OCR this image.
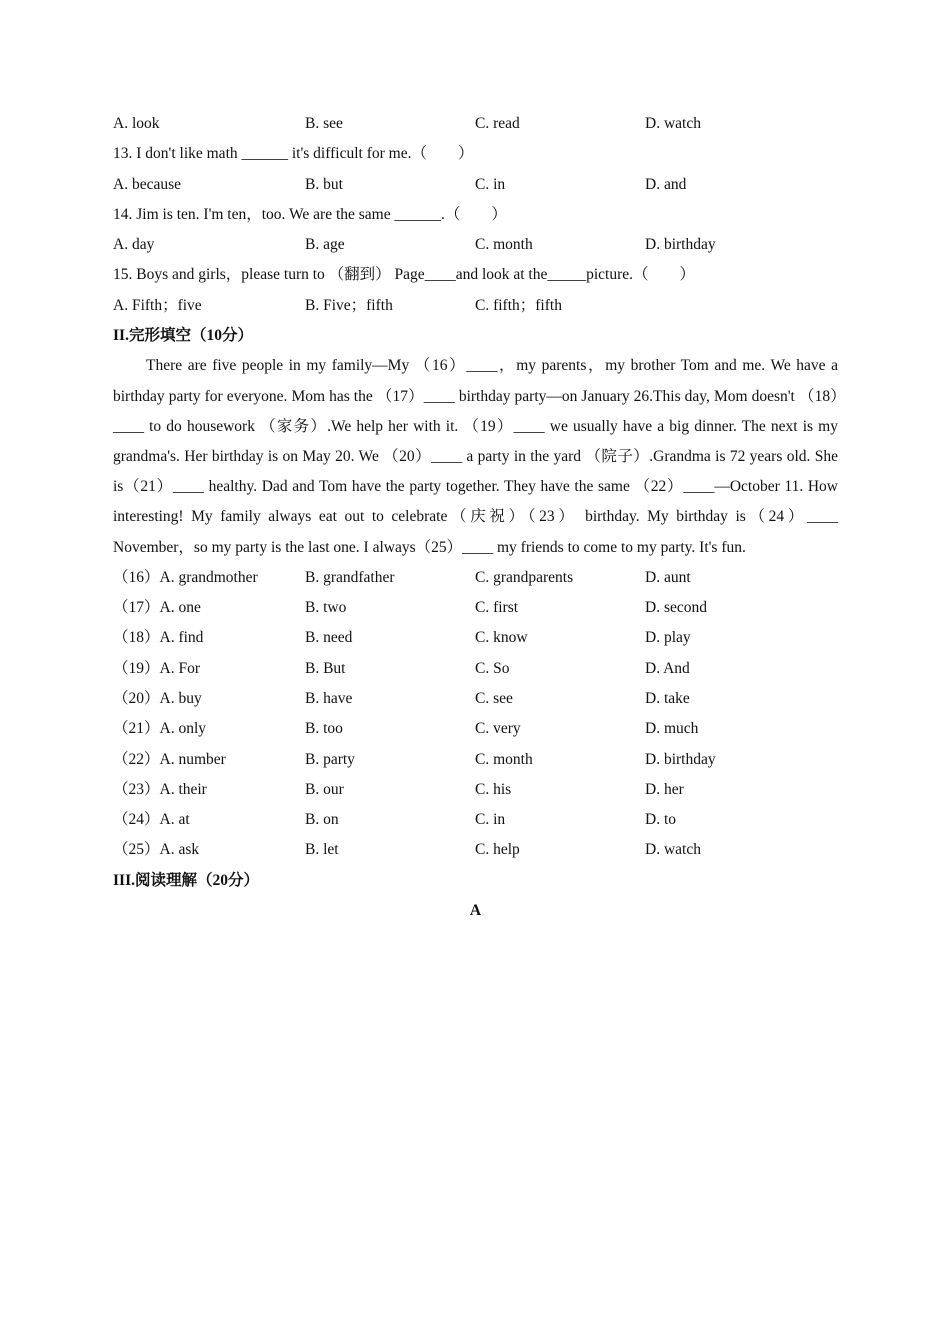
A. look	B. see	C. read	D. watch
13. I don't like math ______ it's difficult for me.（　　）
A. because	B. but	C. in	D. and
14. Jim is ten. I'm ten，too. We are the same ______.（　　）
A. day	B. age	C. month	D. birthday
15. Boys and girls，please turn to （翻到） Page____and look at the_____picture.（　　）
A. Fifth；five	B. Five；fifth	C. fifth；fifth
II.完形填空（10分）
There are five people in my family—My （16）____，my parents，my brother Tom and me. We have a birthday party for everyone. Mom has the （17）____ birthday party—on January 26.This day, Mom doesn't （18）____ to do housework （家务）.We help her with it. （19）____ we usually have a big dinner. The next is my grandma's. Her birthday is on May 20. We （20）____ a party in the yard （院子）.Grandma is 72 years old. She is（21）____ healthy. Dad and Tom have the party together. They have the same （22）____—October 11. How interesting! My family always eat out to celebrate（庆祝）（23） birthday. My birthday is（24）____ November，so my party is the last one. I always（25）____ my friends to come to my party. It's fun.
（16）A. grandmother	B. grandfather	C. grandparents	D. aunt
（17）A. one	B. two	C. first	D. second
（18）A. find	B. need	C. know	D. play
（19）A. For	B. But	C. So	D. And
（20）A. buy	B. have	C. see	D. take
（21）A. only	B. too	C. very	D. much
（22）A. number	B. party	C. month	D. birthday
（23）A. their	B. our	C. his	D. her
（24）A. at	B. on	C. in	D. to
（25）A. ask	B. let	C. help	D. watch
III.阅读理解（20分）
A
